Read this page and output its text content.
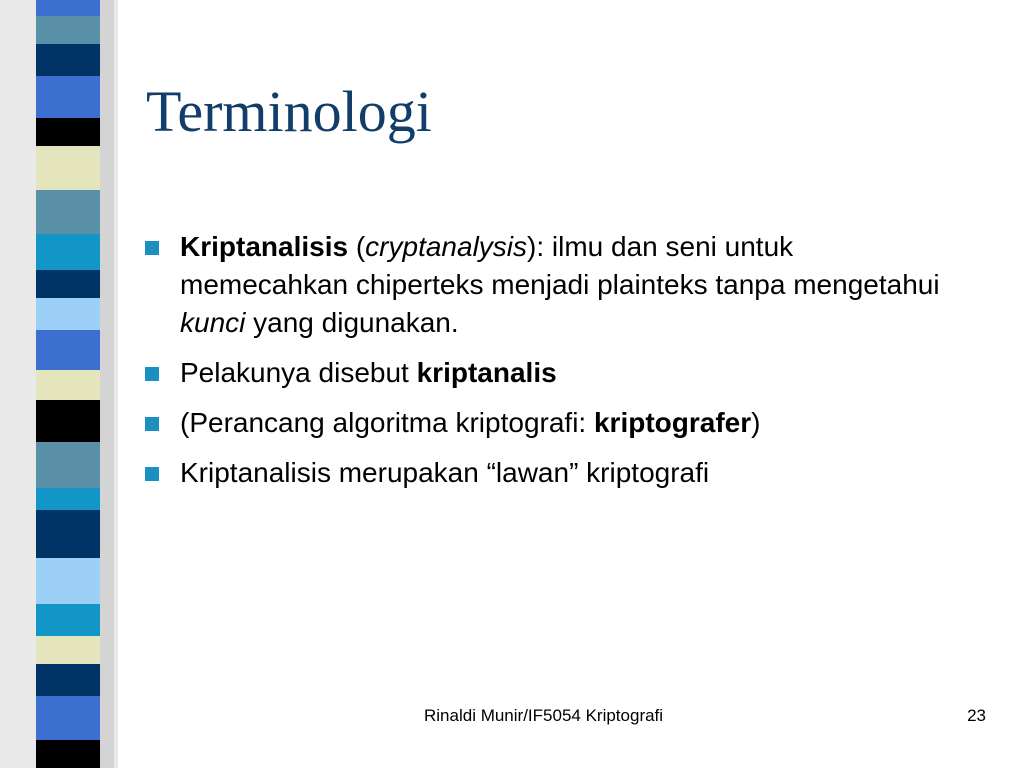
Terminologi
Kriptanalisis (cryptanalysis): ilmu dan seni untuk memecahkan chiperteks menjadi plainteks tanpa mengetahui kunci yang digunakan.
Pelakunya disebut kriptanalis
(Perancang algoritma kriptografi: kriptografer)
Kriptanalisis merupakan “lawan” kriptografi
Rinaldi Munir/IF5054 Kriptografi	23
